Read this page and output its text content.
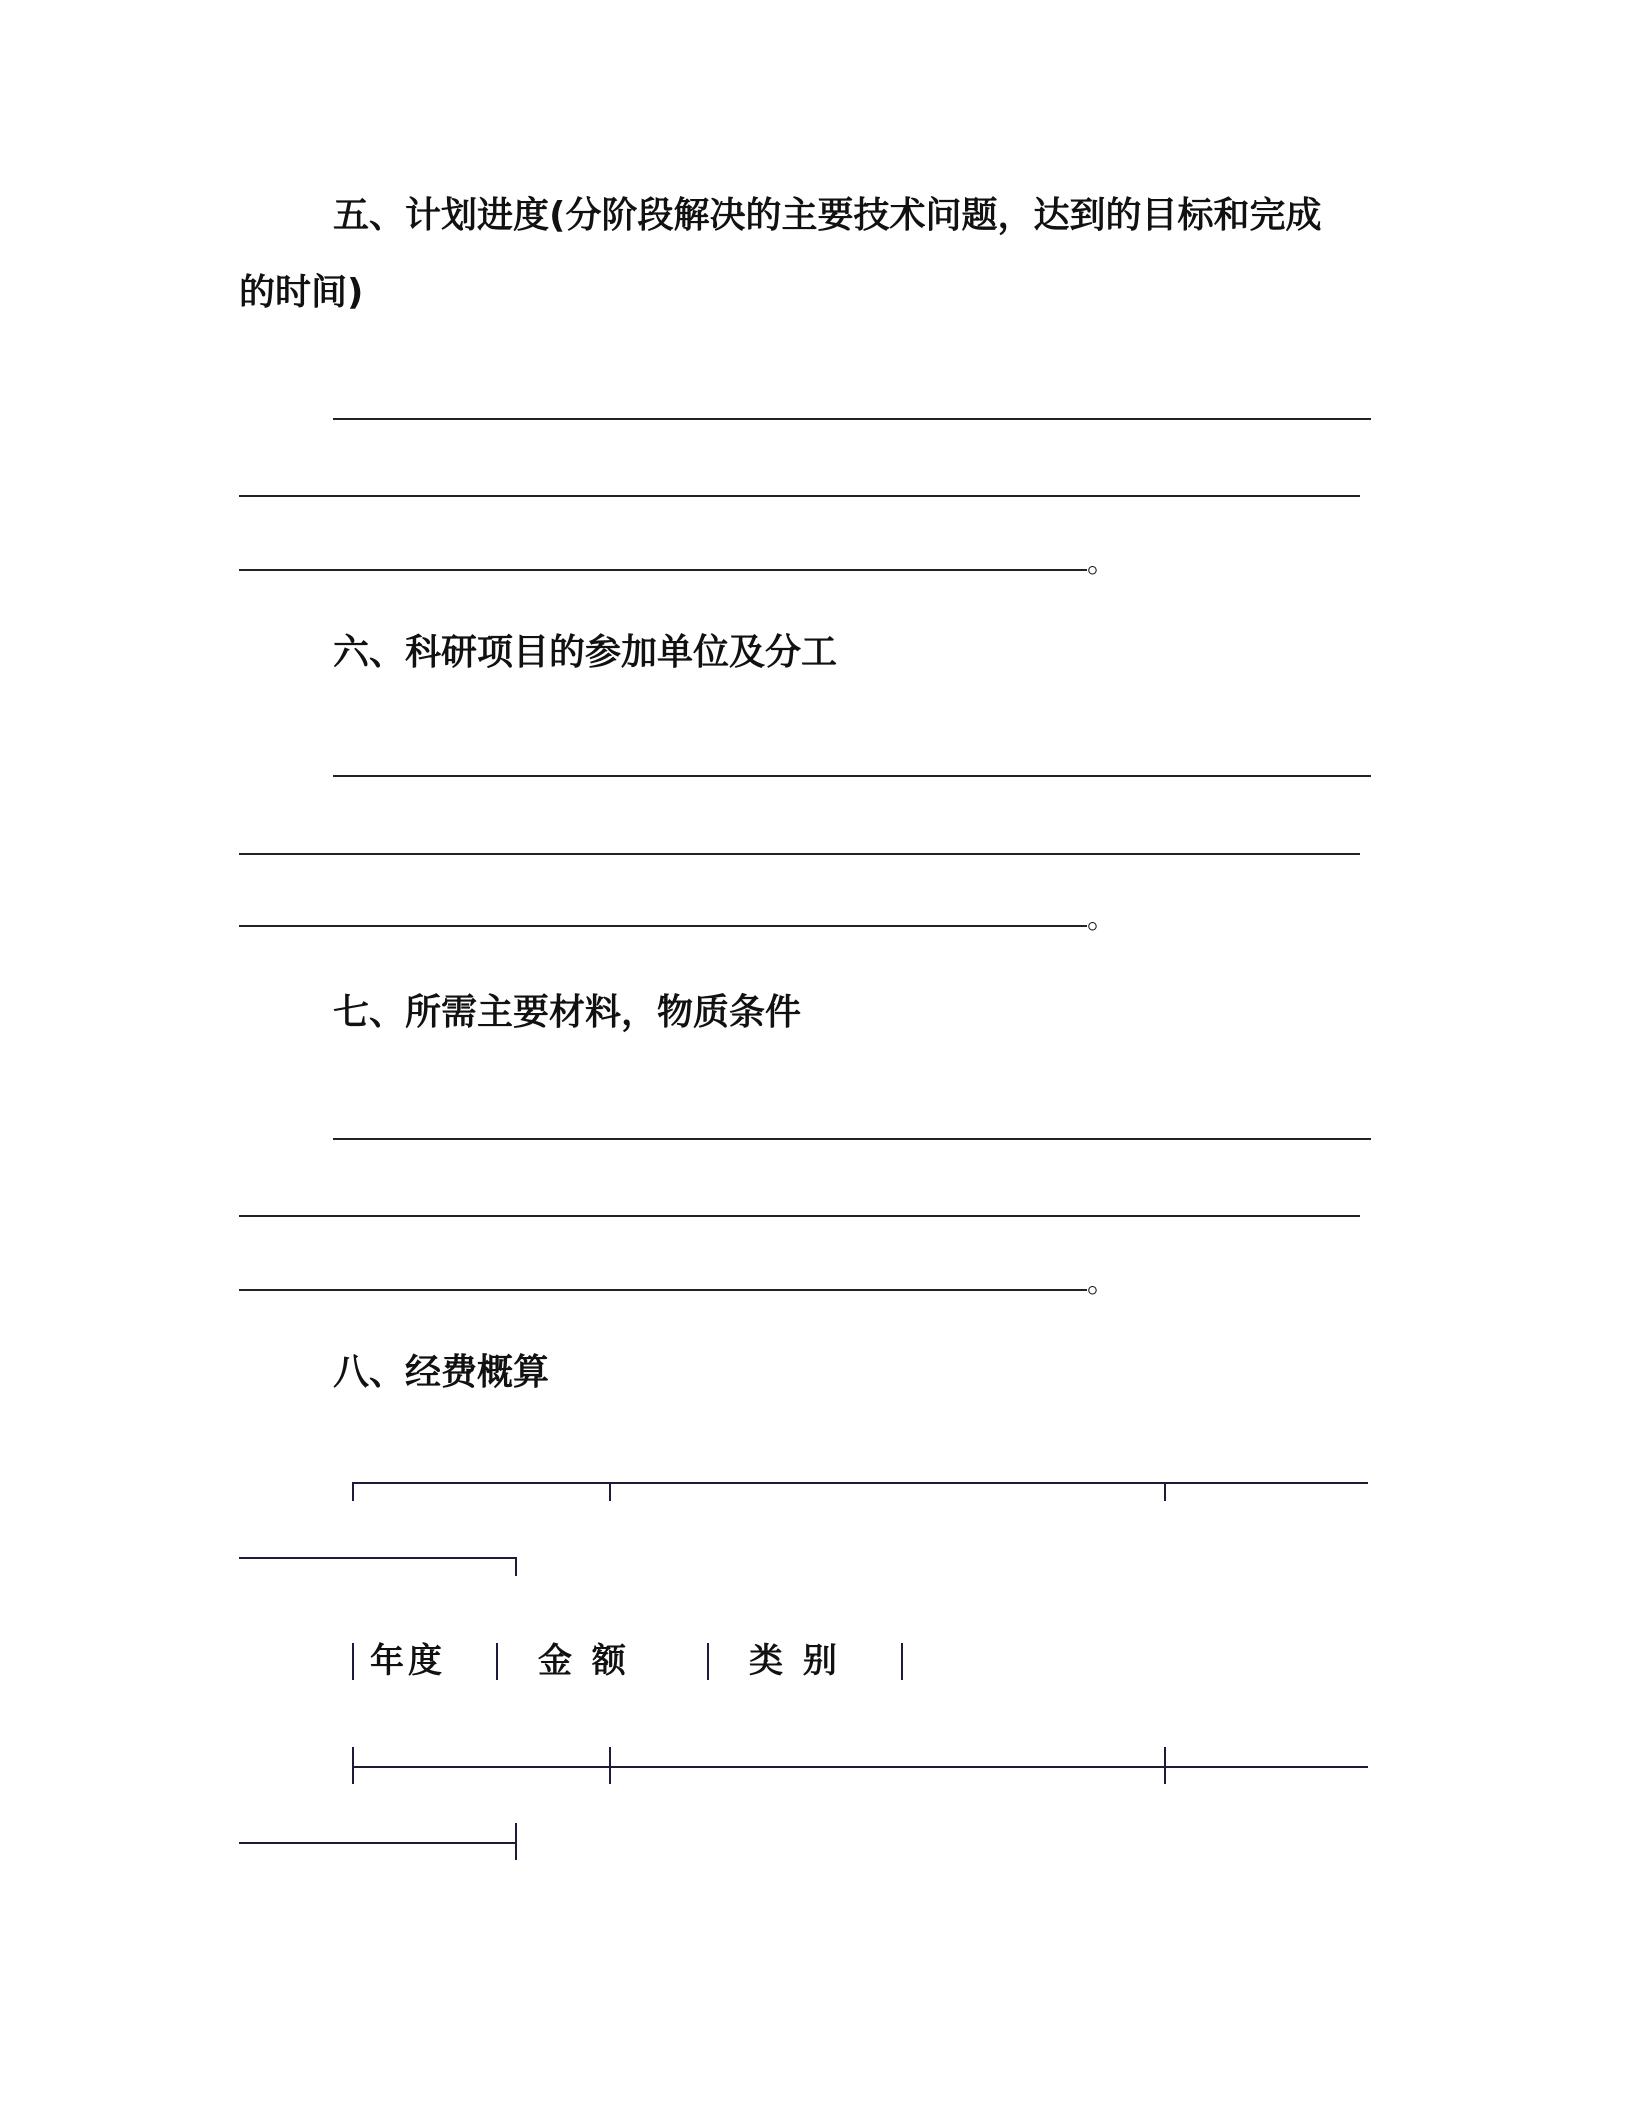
五、计划进度(分阶段解决的主要技术问题，达到的目标和完成
的时间)
。
六、科研项目的参加单位及分工
。
七、所需主要材料，物质条件
。
八、经费概算
年度	金 额	类 别
